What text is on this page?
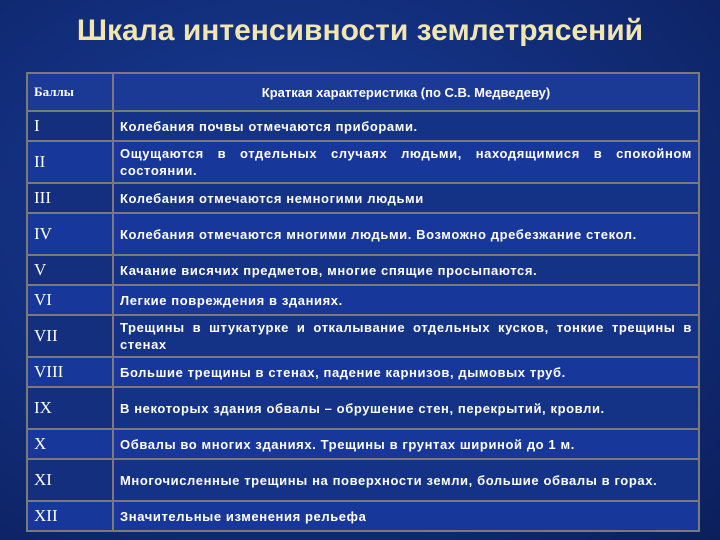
Шкала интенсивности землетрясений
Баллы	Краткая характеристика (по С.В. Медведеву)
I	Колебания почвы отмечаются приборами.
II	Ощущаются в отдельных случаях людьми, находящимися в спокойном состоянии.
III	Колебания отмечаются немногими людьми
IV	Колебания отмечаются многими людьми. Возможно дребезжание стекол.
V	Качание висячих предметов, многие спящие просыпаются.
VI	Легкие повреждения в зданиях.
VII	Трещины в штукатурке и откалывание отдельных кусков, тонкие трещины в стенах
VIII	Большие трещины в стенах, падение карнизов, дымовых труб.
IX	В некоторых здания обвалы – обрушение стен, перекрытий, кровли.
X	Обвалы во многих зданиях. Трещины в грунтах шириной до 1 м.
XI	Многочисленные трещины на поверхности земли, большие обвалы в горах.
XII	Значительные изменения рельефа
